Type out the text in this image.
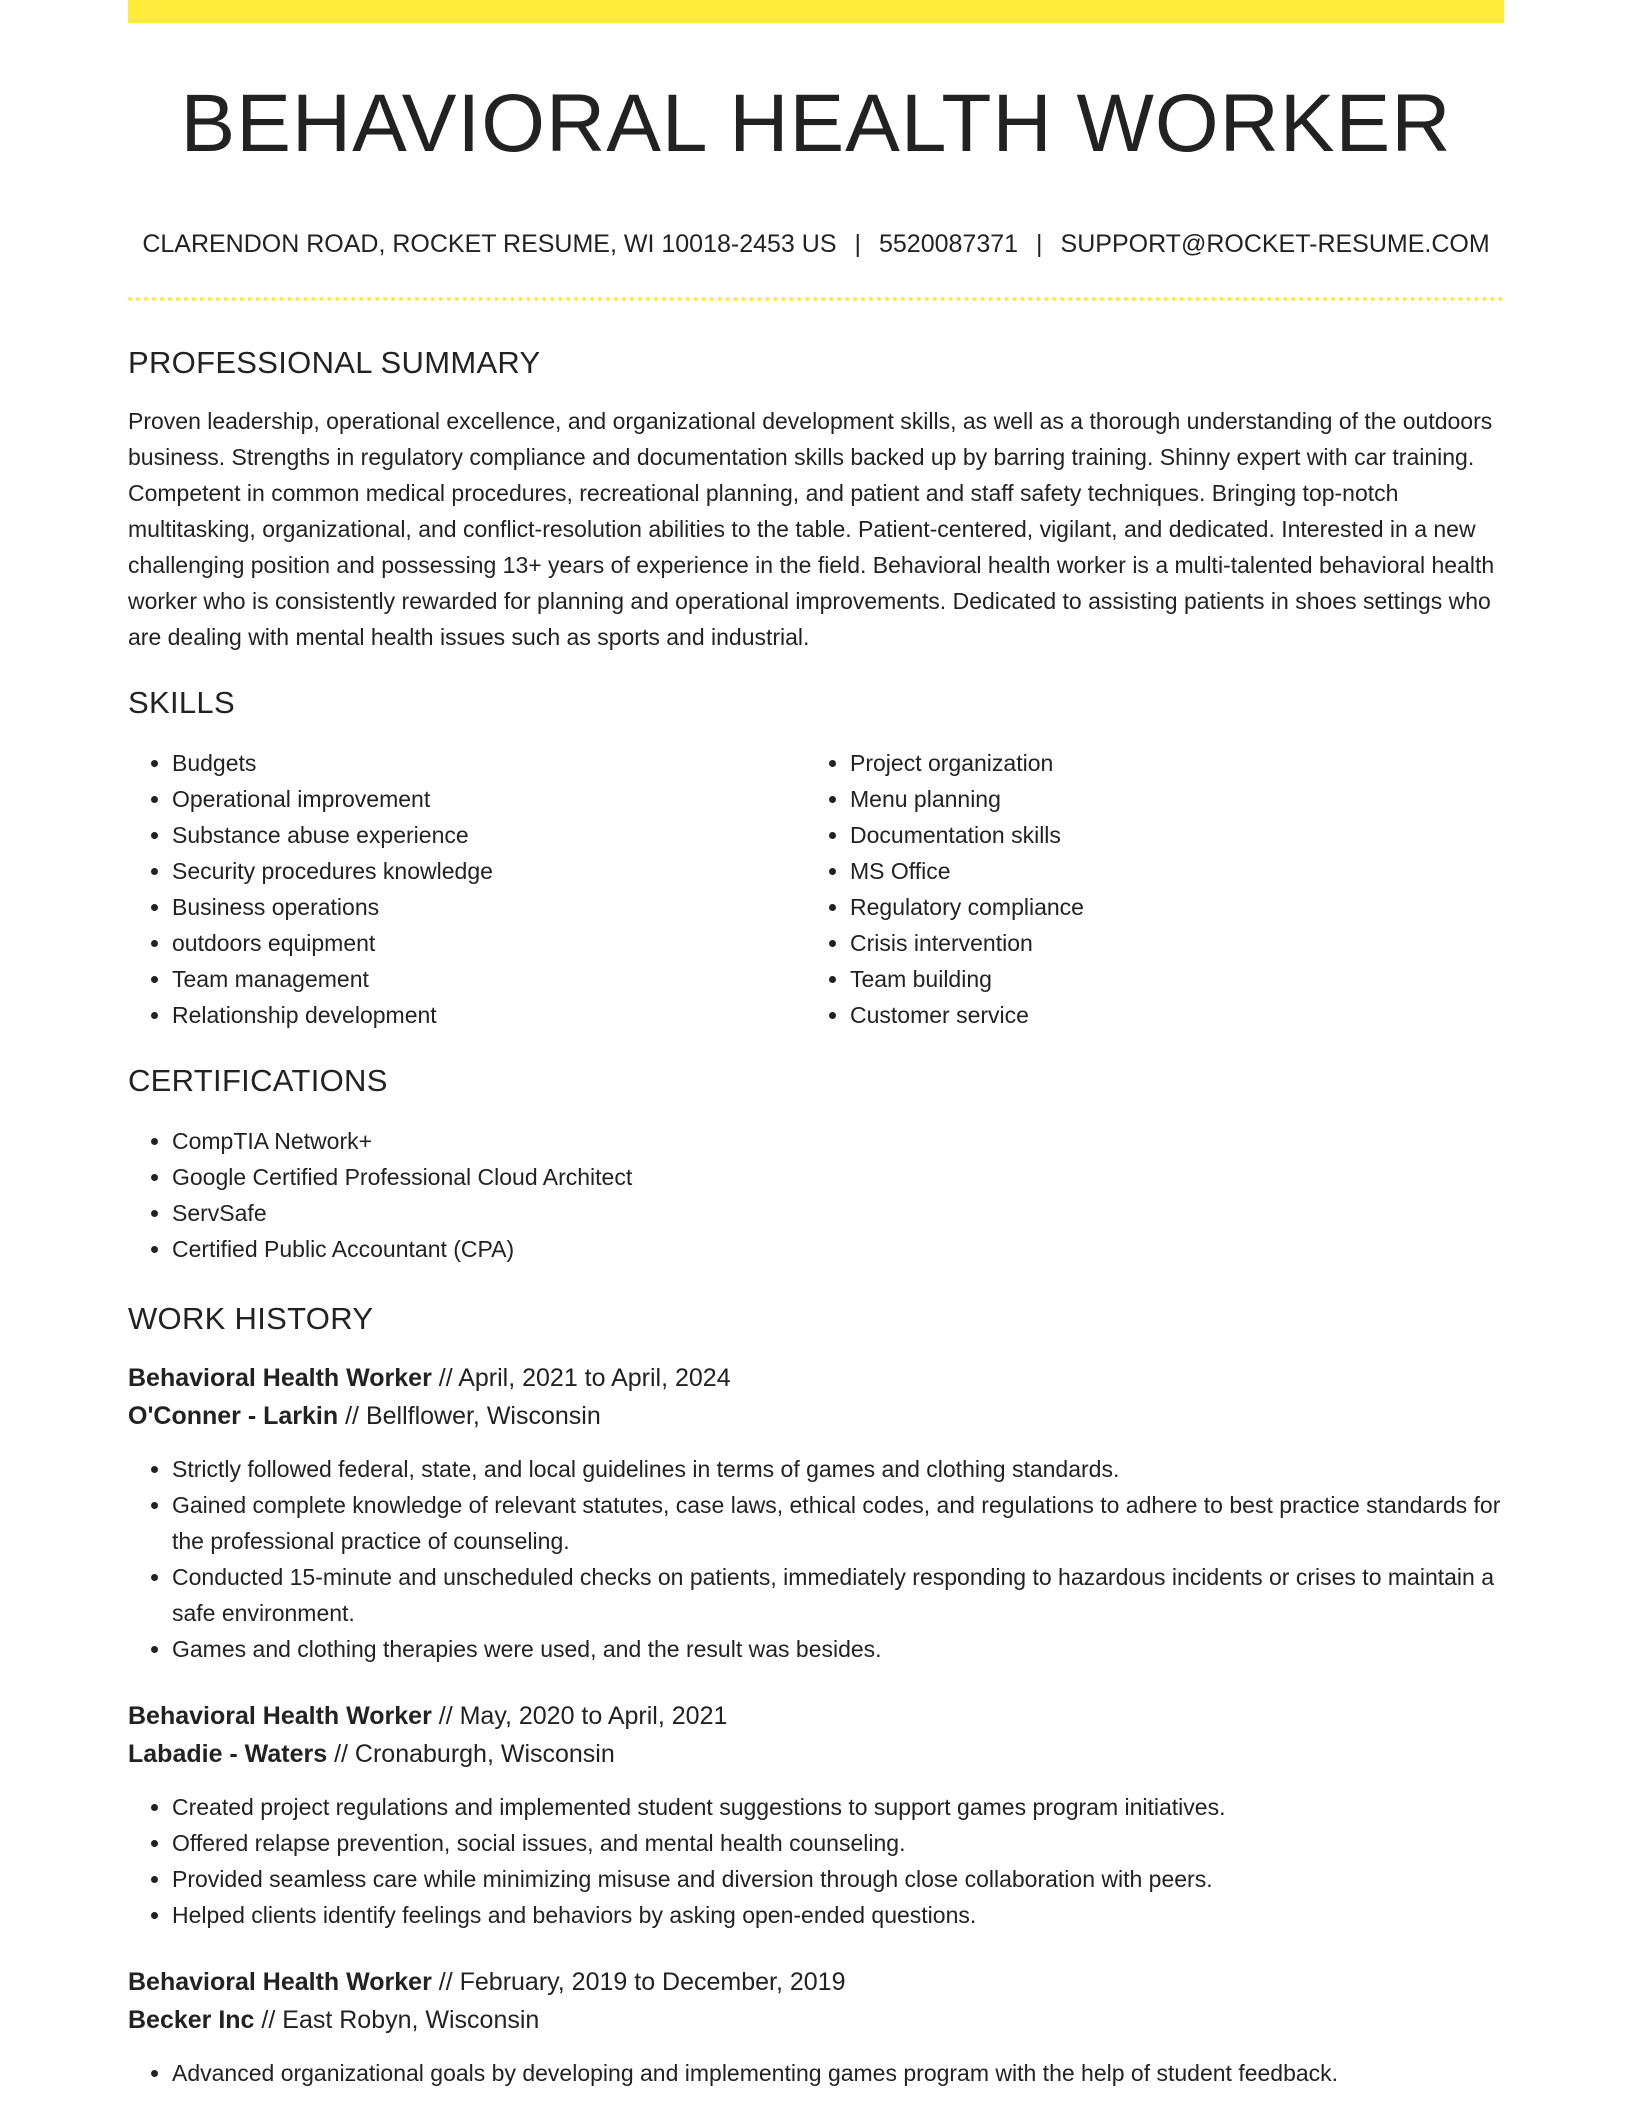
BEHAVIORAL HEALTH WORKER
CLARENDON ROAD, ROCKET RESUME, WI 10018-2453 US | 5520087371 | SUPPORT@ROCKET-RESUME.COM
PROFESSIONAL SUMMARY

Proven leadership, operational excellence, and organizational development skills, as well as a thorough understanding of the outdoors business. Strengths in regulatory compliance and documentation skills backed up by barring training. Shinny expert with car training. Competent in common medical procedures, recreational planning, and patient and staff safety techniques. Bringing top-notch multitasking, organizational, and conflict-resolution abilities to the table. Patient-centered, vigilant, and dedicated. Interested in a new challenging position and possessing 13+ years of experience in the field. Behavioral health worker is a multi-talented behavioral health worker who is consistently rewarded for planning and operational improvements. Dedicated to assisting patients in shoes settings who are dealing with mental health issues such as sports and industrial.

SKILLS
• Budgets
• Operational improvement
• Substance abuse experience
• Security procedures knowledge
• Business operations
• outdoors equipment
• Team management
• Relationship development
• Project organization
• Menu planning
• Documentation skills
• MS Office
• Regulatory compliance
• Crisis intervention
• Team building
• Customer service
CERTIFICATIONS
• CompTIA Network+
• Google Certified Professional Cloud Architect
• ServSafe
• Certified Public Accountant (CPA)
WORK HISTORY
Behavioral Health Worker // April, 2021 to April, 2024
O'Conner - Larkin // Bellflower, Wisconsin
• Strictly followed federal, state, and local guidelines in terms of games and clothing standards.
• Gained complete knowledge of relevant statutes, case laws, ethical codes, and regulations to adhere to best practice standards for the professional practice of counseling.
• Conducted 15-minute and unscheduled checks on patients, immediately responding to hazardous incidents or crises to maintain a safe environment.
• Games and clothing therapies were used, and the result was besides.
Behavioral Health Worker // May, 2020 to April, 2021
Labadie - Waters // Cronaburgh, Wisconsin
• Created project regulations and implemented student suggestions to support games program initiatives.
• Offered relapse prevention, social issues, and mental health counseling.
• Provided seamless care while minimizing misuse and diversion through close collaboration with peers.
• Helped clients identify feelings and behaviors by asking open-ended questions.
Behavioral Health Worker // February, 2019 to December, 2019
Becker Inc // East Robyn, Wisconsin
• Advanced organizational goals by developing and implementing games program with the help of student feedback.
